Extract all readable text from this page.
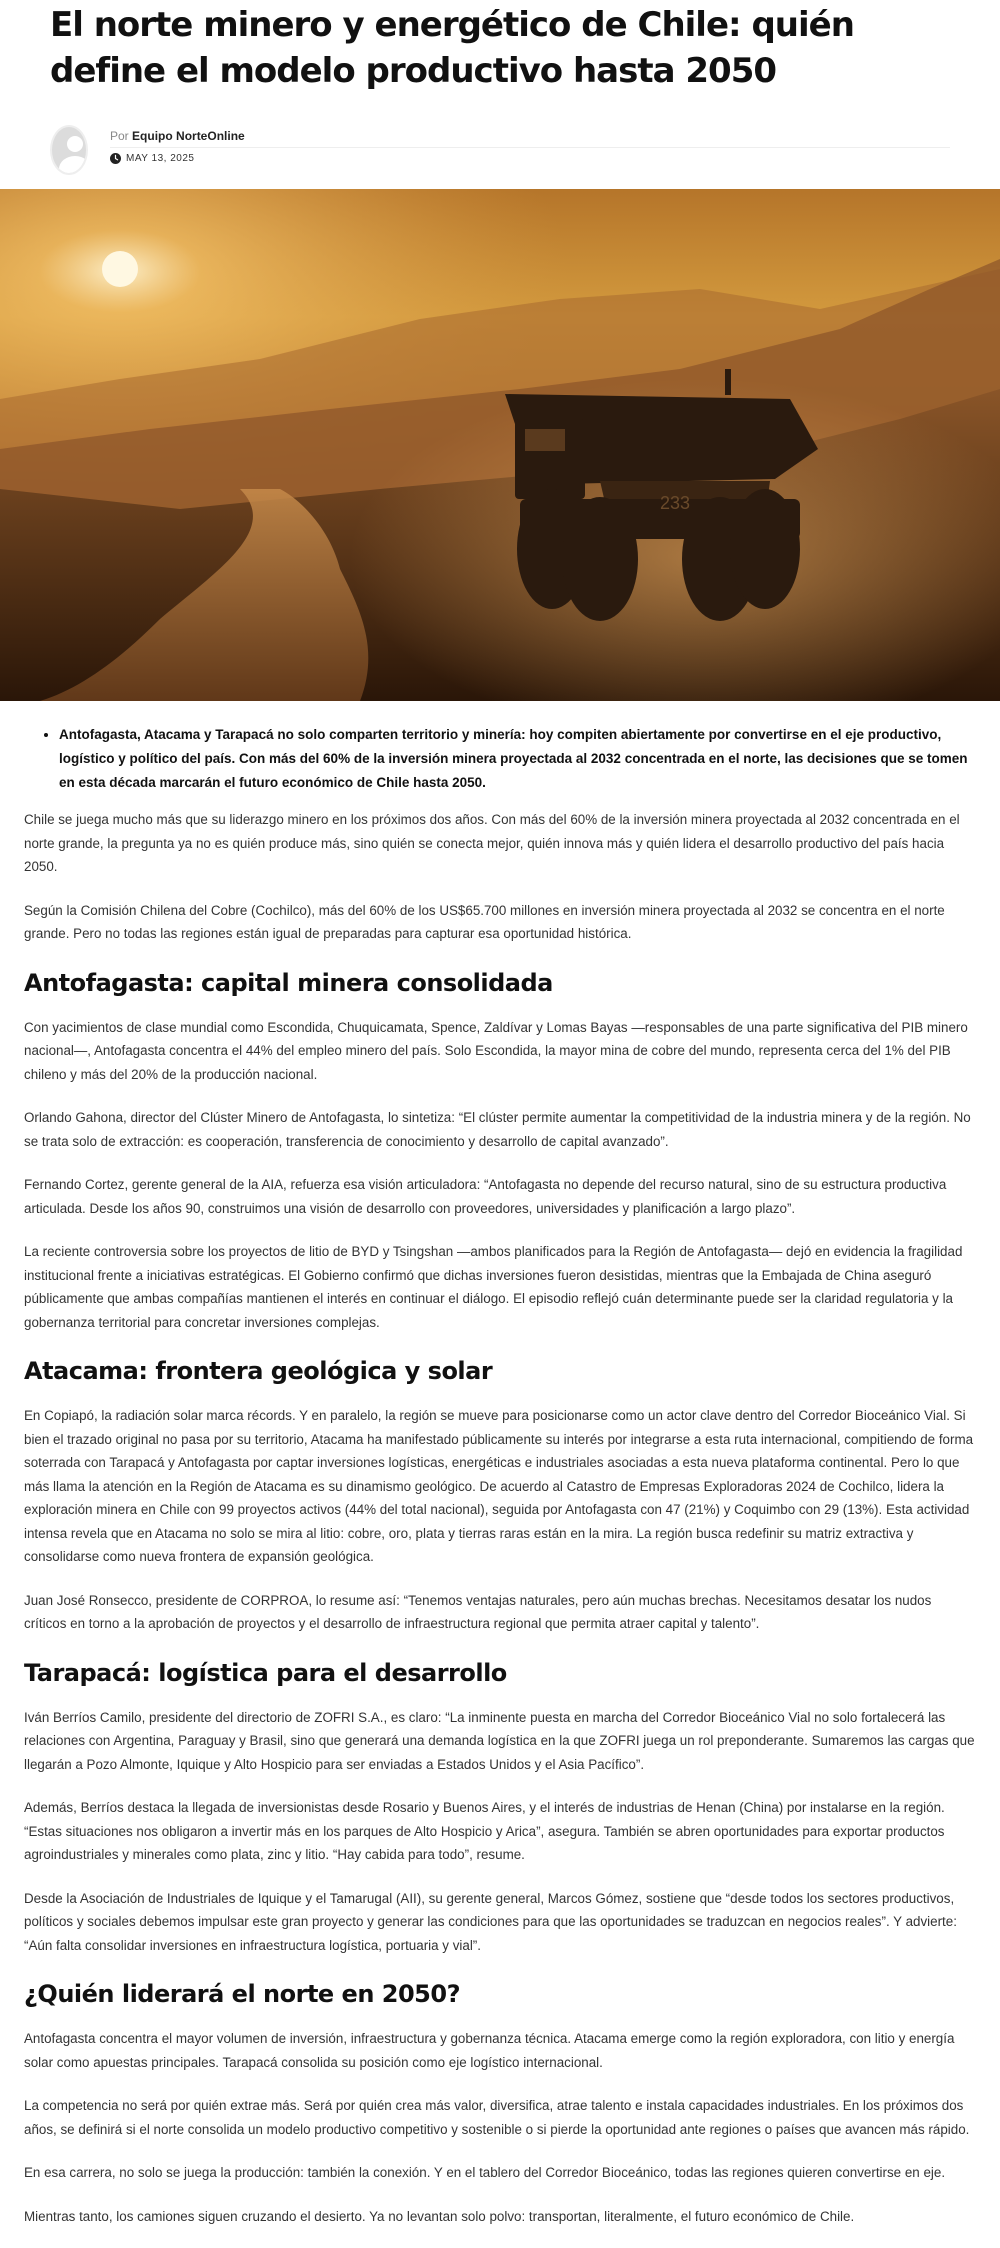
El norte minero y energético de Chile: quién define el modelo productivo hasta 2050
Por Equipo NorteOnline
MAY 13, 2025
233
• Antofagasta, Atacama y Tarapacá no solo comparten territorio y minería: hoy compiten abiertamente por convertirse en el eje productivo, logístico y político del país. Con más del 60% de la inversión minera proyectada al 2032 concentrada en el norte, las decisiones que se tomen en esta década marcarán el futuro económico de Chile hasta 2050.

Chile se juega mucho más que su liderazgo minero en los próximos dos años. Con más del 60% de la inversión minera proyectada al 2032 concentrada en el norte grande, la pregunta ya no es quién produce más, sino quién se conecta mejor, quién innova más y quién lidera el desarrollo productivo del país hacia 2050.

Según la Comisión Chilena del Cobre (Cochilco), más del 60% de los US$65.700 millones en inversión minera proyectada al 2032 se concentra en el norte grande. Pero no todas las regiones están igual de preparadas para capturar esa oportunidad histórica.

Antofagasta: capital minera consolidada

Con yacimientos de clase mundial como Escondida, Chuquicamata, Spence, Zaldívar y Lomas Bayas —responsables de una parte significativa del PIB minero nacional—, Antofagasta concentra el 44% del empleo minero del país. Solo Escondida, la mayor mina de cobre del mundo, representa cerca del 1% del PIB chileno y más del 20% de la producción nacional.

Orlando Gahona, director del Clúster Minero de Antofagasta, lo sintetiza: “El clúster permite aumentar la competitividad de la industria minera y de la región. No se trata solo de extracción: es cooperación, transferencia de conocimiento y desarrollo de capital avanzado”.

Fernando Cortez, gerente general de la AIA, refuerza esa visión articuladora: “Antofagasta no depende del recurso natural, sino de su estructura productiva articulada. Desde los años 90, construimos una visión de desarrollo con proveedores, universidades y planificación a largo plazo”.

La reciente controversia sobre los proyectos de litio de BYD y Tsingshan —ambos planificados para la Región de Antofagasta— dejó en evidencia la fragilidad institucional frente a iniciativas estratégicas. El Gobierno confirmó que dichas inversiones fueron desistidas, mientras que la Embajada de China aseguró públicamente que ambas compañías mantienen el interés en continuar el diálogo. El episodio reflejó cuán determinante puede ser la claridad regulatoria y la gobernanza territorial para concretar inversiones complejas.

Atacama: frontera geológica y solar

En Copiapó, la radiación solar marca récords. Y en paralelo, la región se mueve para posicionarse como un actor clave dentro del Corredor Bioceánico Vial. Si bien el trazado original no pasa por su territorio, Atacama ha manifestado públicamente su interés por integrarse a esta ruta internacional, compitiendo de forma soterrada con Tarapacá y Antofagasta por captar inversiones logísticas, energéticas e industriales asociadas a esta nueva plataforma continental. Pero lo que más llama la atención en la Región de Atacama es su dinamismo geológico. De acuerdo al Catastro de Empresas Exploradoras 2024 de Cochilco, lidera la exploración minera en Chile con 99 proyectos activos (44% del total nacional), seguida por Antofagasta con 47 (21%) y Coquimbo con 29 (13%). Esta actividad intensa revela que en Atacama no solo se mira al litio: cobre, oro, plata y tierras raras están en la mira. La región busca redefinir su matriz extractiva y consolidarse como nueva frontera de expansión geológica.

Juan José Ronsecco, presidente de CORPROA, lo resume así: “Tenemos ventajas naturales, pero aún muchas brechas. Necesitamos desatar los nudos críticos en torno a la aprobación de proyectos y el desarrollo de infraestructura regional que permita atraer capital y talento”.

Tarapacá: logística para el desarrollo

Iván Berríos Camilo, presidente del directorio de ZOFRI S.A., es claro: “La inminente puesta en marcha del Corredor Bioceánico Vial no solo fortalecerá las relaciones con Argentina, Paraguay y Brasil, sino que generará una demanda logística en la que ZOFRI juega un rol preponderante. Sumaremos las cargas que llegarán a Pozo Almonte, Iquique y Alto Hospicio para ser enviadas a Estados Unidos y el Asia Pacífico”.

Además, Berríos destaca la llegada de inversionistas desde Rosario y Buenos Aires, y el interés de industrias de Henan (China) por instalarse en la región. “Estas situaciones nos obligaron a invertir más en los parques de Alto Hospicio y Arica”, asegura. También se abren oportunidades para exportar productos agroindustriales y minerales como plata, zinc y litio. “Hay cabida para todo”, resume.

Desde la Asociación de Industriales de Iquique y el Tamarugal (AII), su gerente general, Marcos Gómez, sostiene que “desde todos los sectores productivos, políticos y sociales debemos impulsar este gran proyecto y generar las condiciones para que las oportunidades se traduzcan en negocios reales”. Y advierte: “Aún falta consolidar inversiones en infraestructura logística, portuaria y vial”.

¿Quién liderará el norte en 2050?

Antofagasta concentra el mayor volumen de inversión, infraestructura y gobernanza técnica. Atacama emerge como la región exploradora, con litio y energía solar como apuestas principales. Tarapacá consolida su posición como eje logístico internacional.

La competencia no será por quién extrae más. Será por quién crea más valor, diversifica, atrae talento e instala capacidades industriales. En los próximos dos años, se definirá si el norte consolida un modelo productivo competitivo y sostenible o si pierde la oportunidad ante regiones o países que avancen más rápido.

En esa carrera, no solo se juega la producción: también la conexión. Y en el tablero del Corredor Bioceánico, todas las regiones quieren convertirse en eje.

Mientras tanto, los camiones siguen cruzando el desierto. Ya no levantan solo polvo: transportan, literalmente, el futuro económico de Chile.
